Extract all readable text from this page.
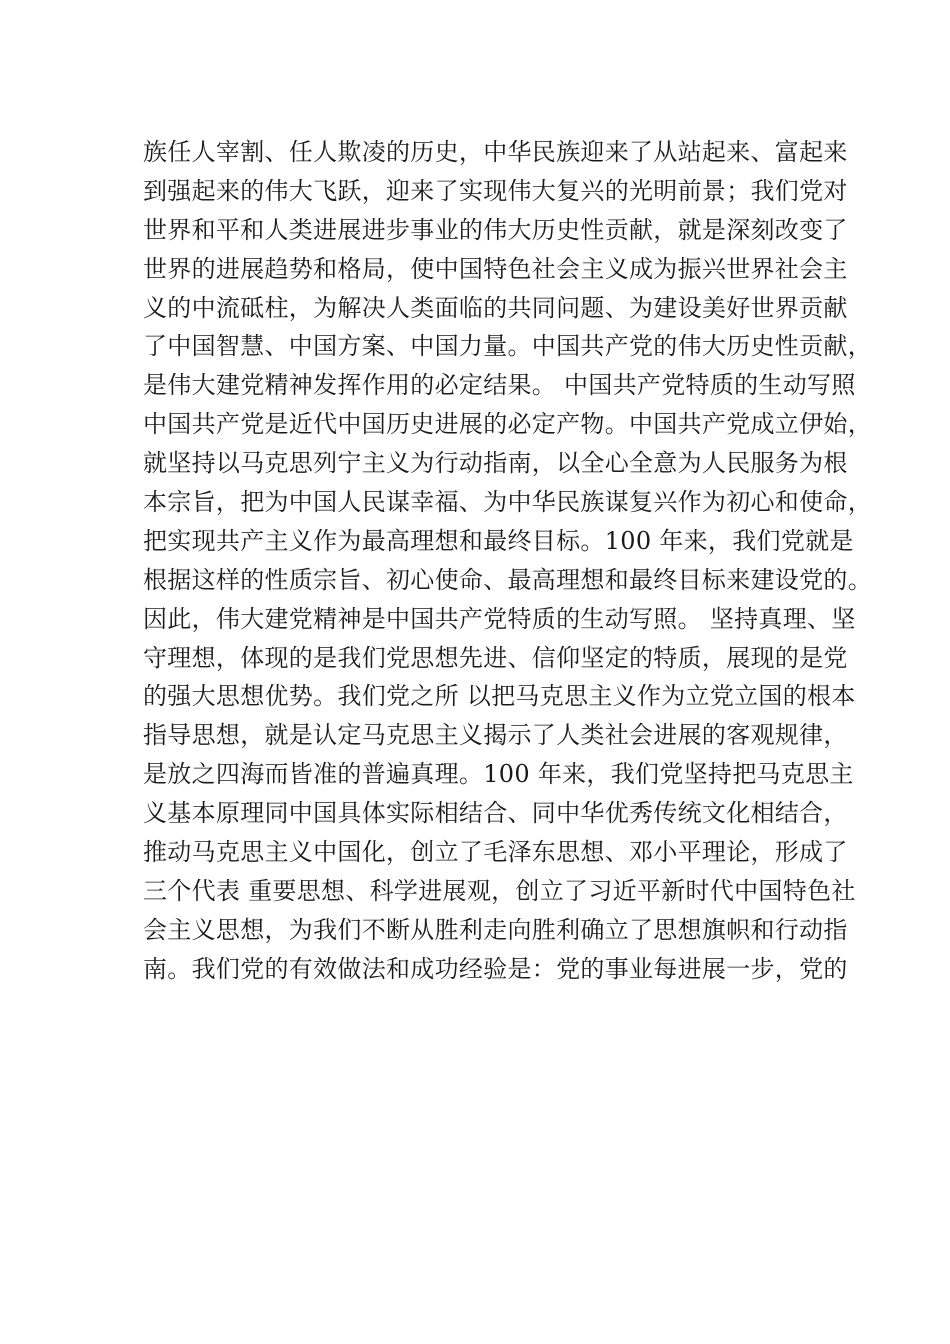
族任人宰割、任人欺凌的历史，中华民族迎来了从站起来、富起来
到强起来的伟大飞跃，迎来了实现伟大复兴的光明前景；我们党对
世界和平和人类进展进步事业的伟大历史性贡献，就是深刻改变了
世界的进展趋势和格局，使中国特色社会主义成为振兴世界社会主
义的中流砥柱，为解决人类面临的共同问题、为建设美好世界贡献
了中国智慧、中国方案、中国力量。中国共产党的伟大历史性贡献，
是伟大建党精神发挥作用的必定结果。 中国共产党特质的生动写照
中国共产党是近代中国历史进展的必定产物。中国共产党成立伊始，
就坚持以马克思列宁主义为行动指南，以全心全意为人民服务为根
本宗旨，把为中国人民谋幸福、为中华民族谋复兴作为初心和使命，
把实现共产主义作为最高理想和最终目标。100 年来，我们党就是
根据这样的性质宗旨、初心使命、最高理想和最终目标来建设党的。
因此，伟大建党精神是中国共产党特质的生动写照。 坚持真理、坚
守理想，体现的是我们党思想先进、信仰坚定的特质，展现的是党
的强大思想优势。我们党之所 以把马克思主义作为立党立国的根本
指导思想，就是认定马克思主义揭示了人类社会进展的客观规律，
是放之四海而皆准的普遍真理。100 年来，我们党坚持把马克思主
义基本原理同中国具体实际相结合、同中华优秀传统文化相结合，
推动马克思主义中国化，创立了毛泽东思想、邓小平理论，形成了
三个代表 重要思想、科学进展观，创立了习近平新时代中国特色社
会主义思想，为我们不断从胜利走向胜利确立了思想旗帜和行动指
南。我们党的有效做法和成功经验是：党的事业每进展一步，党的
